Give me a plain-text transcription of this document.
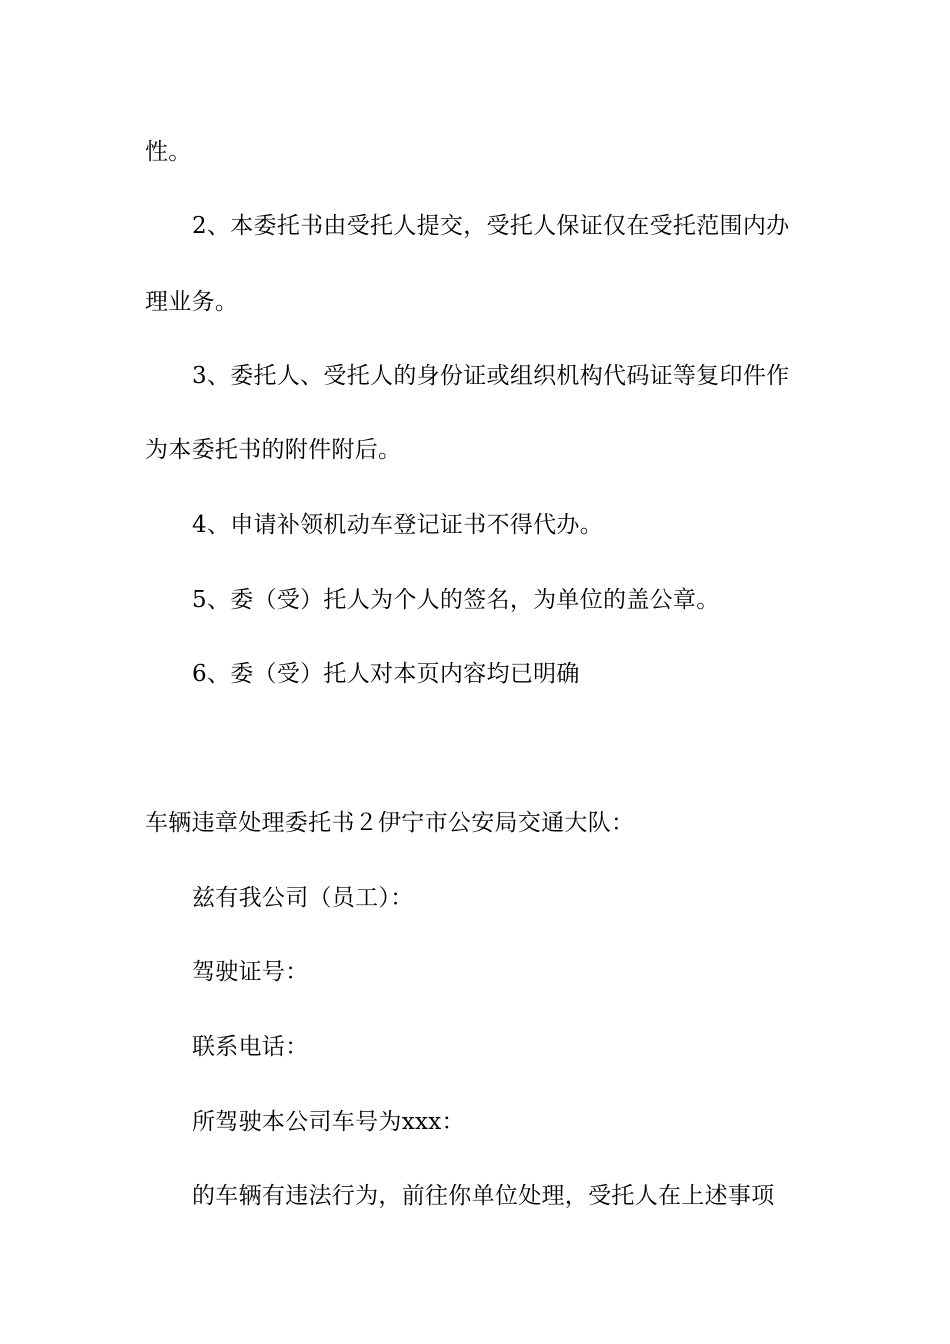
性。
2、本委托书由受托人提交，受托人保证仅在受托范围内办
理业务。
3、委托人、受托人的身份证或组织机构代码证等复印件作
为本委托书的附件附后。
4、申请补领机动车登记证书不得代办。
5、委（受）托人为个人的签名，为单位的盖公章。
6、委（受）托人对本页内容均已明确
车辆违章处理委托书２伊宁市公安局交通大队：
兹有我公司（员工）：
驾驶证号：
联系电话：
所驾驶本公司车号为xxx：
的车辆有违法行为，前往你单位处理，受托人在上述事项
